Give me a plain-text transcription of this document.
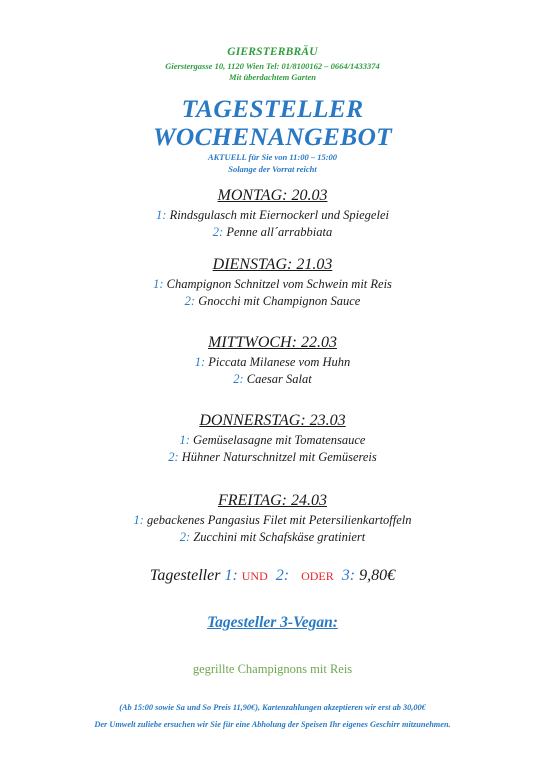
GIERSTERBRÄU
Gierstergasse 10, 1120 Wien Tel: 01/8100162 – 0664/1433374
Mit überdachtem Garten
TAGESTELLER
WOCHENANGEBOT
AKTUELL für Sie von 11:00 – 15:00
Solange der Vorrat reicht
MONTAG: 20.03
1: Rindsgulasch mit Eiernockerl und Spiegelei
2: Penne all´arrabbiata
DIENSTAG: 21.03
1: Champignon Schnitzel vom Schwein mit Reis
2: Gnocchi mit Champignon Sauce
MITTWOCH: 22.03
1: Piccata Milanese vom Huhn
2: Caesar Salat
DONNERSTAG: 23.03
1: Gemüselasagne mit Tomatensauce
2: Hühner Naturschnitzel mit Gemüsereis
FREITAG: 24.03
1: gebackenes Pangasius Filet mit Petersilienkartoffeln
2: Zucchini mit Schafskäse gratiniert
Tagesteller 1: UND 2: ODER 3: 9,80€
Tagesteller 3-Vegan:
gegrillte Champignons mit Reis
(Ab 15:00 sowie Sa und So Preis 11,90€), Kartenzahlungen akzeptieren wir erst ab 30,00€
Der Umwelt zuliebe ersuchen wir Sie für eine Abholung der Speisen Ihr eigenes Geschirr mitzunehmen.
